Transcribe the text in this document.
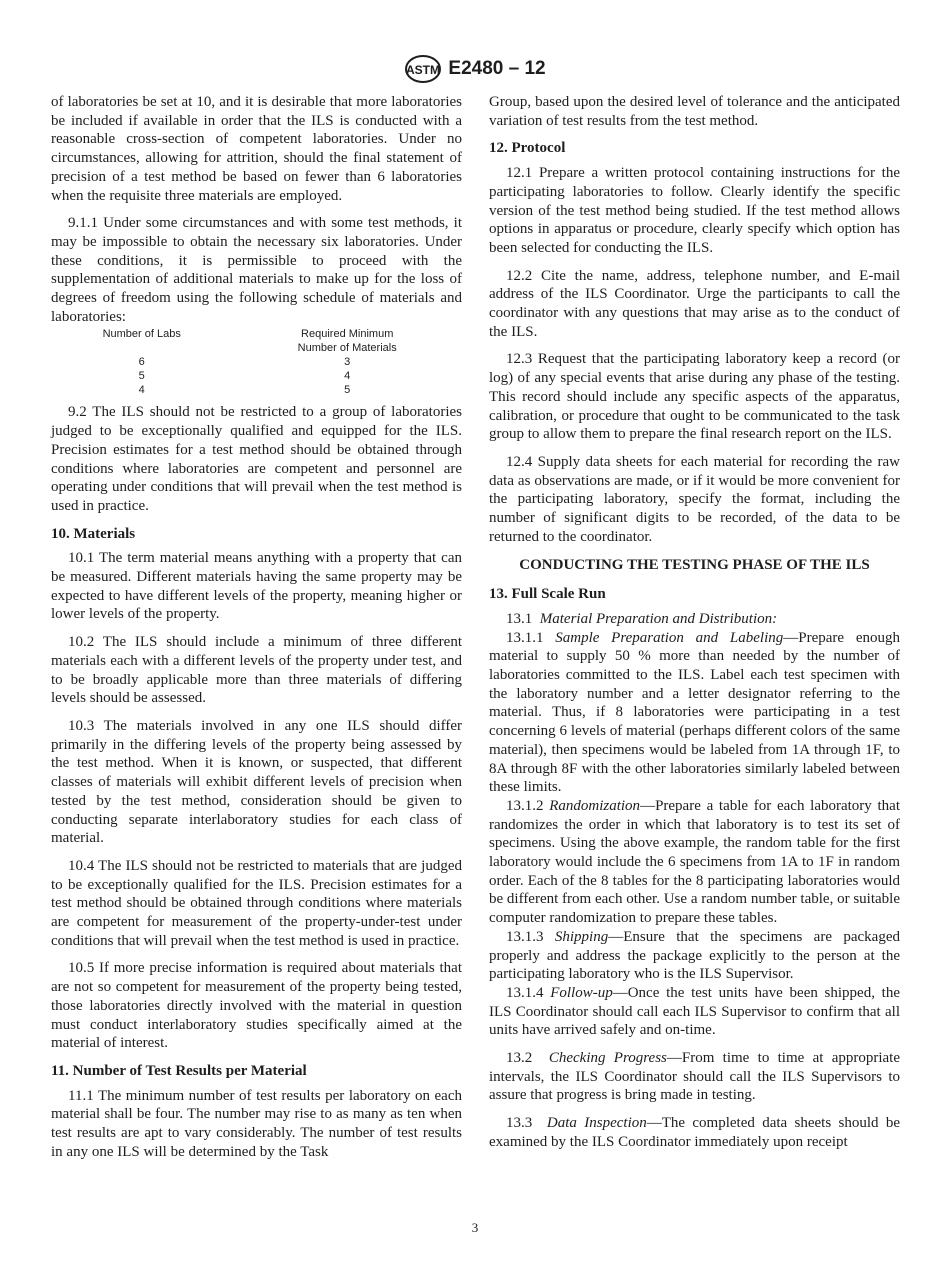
ASTM E2480 – 12

of laboratories be set at 10, and it is desirable that more laboratories be included if available in order that the ILS is conducted with a reasonable cross-section of competent laboratories. Under no circumstances, allowing for attrition, should the final statement of precision of a test method be based on fewer than 6 laboratories when the requisite three materials are employed.

9.1.1 Under some circumstances and with some test methods, it may be impossible to obtain the necessary six laboratories. Under these conditions, it is permissible to proceed with the supplementation of additional materials to make up for the loss of degrees of freedom using the following schedule of materials and laboratories:

Number of Labs	Required Minimum
	Number of Materials
6	3
5	4
4	5

9.2 The ILS should not be restricted to a group of laboratories judged to be exceptionally qualified and equipped for the ILS. Precision estimates for a test method should be obtained through conditions where laboratories are competent and personnel are operating under conditions that will prevail when the test method is used in practice.

10. Materials

10.1 The term material means anything with a property that can be measured. Different materials having the same property may be expected to have different levels of the property, meaning higher or lower levels of the property.

10.2 The ILS should include a minimum of three different materials each with a different levels of the property under test, and to be broadly applicable more than three materials of differing levels should be assessed.

10.3 The materials involved in any one ILS should differ primarily in the differing levels of the property being assessed by the test method. When it is known, or suspected, that different classes of materials will exhibit different levels of precision when tested by the test method, consideration should be given to conducting separate interlaboratory studies for each class of material.

10.4 The ILS should not be restricted to materials that are judged to be exceptionally qualified for the ILS. Precision estimates for a test method should be obtained through conditions where materials are competent for measurement of the property-under-test under conditions that will prevail when the test method is used in practice.

10.5 If more precise information is required about materials that are not so competent for measurement of the property being tested, those laboratories directly involved with the material in question must conduct interlaboratory studies specifically aimed at the material of interest.

11. Number of Test Results per Material

11.1 The minimum number of test results per laboratory on each material shall be four. The number may rise to as many as ten when test results are apt to vary considerably. The number of test results in any one ILS will be determined by the Task

Group, based upon the desired level of tolerance and the anticipated variation of test results from the test method.

12. Protocol

12.1 Prepare a written protocol containing instructions for the participating laboratories to follow. Clearly identify the specific version of the test method being studied. If the test method allows options in apparatus or procedure, clearly specify which option has been selected for conducting the ILS.

12.2 Cite the name, address, telephone number, and E-mail address of the ILS Coordinator. Urge the participants to call the coordinator with any questions that may arise as to the conduct of the ILS.

12.3 Request that the participating laboratory keep a record (or log) of any special events that arise during any phase of the testing. This record should include any specific aspects of the apparatus, calibration, or procedure that ought to be communicated to the task group to allow them to prepare the final research report on the ILS.

12.4 Supply data sheets for each material for recording the raw data as observations are made, or if it would be more convenient for the participating laboratory, specify the format, including the number of significant digits to be recorded, of the data to be returned to the coordinator.

CONDUCTING THE TESTING PHASE OF THE ILS
13. Full Scale Run

13.1 Material Preparation and Distribution:

13.1.1 Sample Preparation and Labeling—Prepare enough material to supply 50 % more than needed by the number of laboratories committed to the ILS. Label each test specimen with the laboratory number and a letter designator referring to the material. Thus, if 8 laboratories were participating in a test concerning 6 levels of material (perhaps different colors of the same material), then specimens would be labeled from 1A through 1F, to 8A through 8F with the other laboratories similarly labeled between these limits.

13.1.2 Randomization—Prepare a table for each laboratory that randomizes the order in which that laboratory is to test its set of specimens. Using the above example, the random table for the first laboratory would include the 6 specimens from 1A to 1F in random order. Each of the 8 tables for the 8 participating laboratories would be different from each other. Use a random number table, or suitable computer randomization to prepare these tables.

13.1.3 Shipping—Ensure that the specimens are packaged properly and address the package explicitly to the person at the participating laboratory who is the ILS Supervisor.

13.1.4 Follow-up—Once the test units have been shipped, the ILS Coordinator should call each ILS Supervisor to confirm that all units have arrived safely and on-time.

13.2 Checking Progress—From time to time at appropriate intervals, the ILS Coordinator should call the ILS Supervisors to assure that progress is bring made in testing.

13.3 Data Inspection—The completed data sheets should be examined by the ILS Coordinator immediately upon receipt

3
